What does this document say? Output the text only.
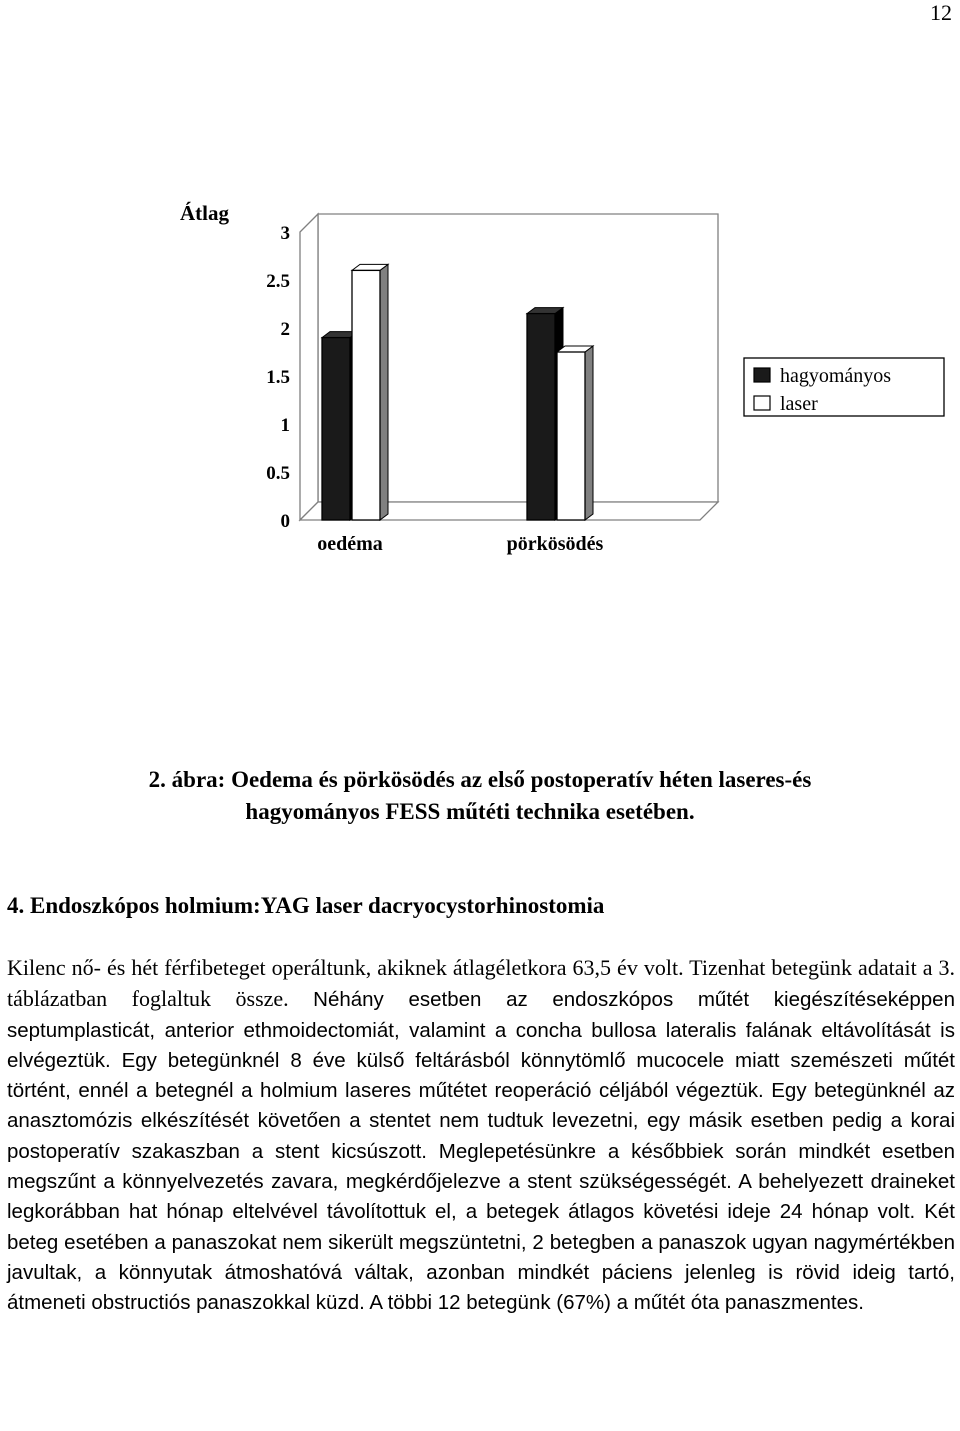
12
0
0.5
1
1.5
2
2.5
3
Átlag
oedéma	pörkösödés
hagyományos
laser
2. ábra: Oedema és pörkösödés az első postoperatív héten laseres-és
hagyományos FESS műtéti technika esetében.
4. Endoszkópos holmium:YAG laser dacryocystorhinostomia
Kilenc nő- és hét férfibeteget operáltunk, akiknek átlagéletkora 63,5 év volt. Tizenhat betegünk adatait a 3. táblázatban foglaltuk össze. Néhány esetben az endoszkópos műtét kiegészítéseképpen septumplasticát, anterior ethmoidectomiát, valamint a concha bullosa lateralis falának eltávolítását is elvégeztük. Egy betegünknél 8 éve külső feltárásból könnytömlő mucocele miatt szemészeti műtét történt, ennél a betegnél a holmium laseres műtétet reoperáció céljából végeztük. Egy betegünknél az anasztomózis elkészítését követően a stentet nem tudtuk levezetni, egy másik esetben pedig a korai postoperatív szakaszban a stent kicsúszott. Meglepetésünkre a későbbiek során mindkét esetben megszűnt a könnyelvezetés zavara, megkérdőjelezve a stent szükségességét. A behelyezett draineket legkorábban hat hónap eltelvével távolítottuk el, a betegek átlagos követési ideje 24 hónap volt. Két beteg esetében a panaszokat nem sikerült megszüntetni, 2 betegben a panaszok ugyan nagymértékben javultak, a könnyutak átmoshatóvá váltak, azonban mindkét páciens jelenleg is rövid ideig tartó, átmeneti obstructiós panaszokkal küzd. A többi 12 betegünk (67%) a műtét óta panaszmentes.
